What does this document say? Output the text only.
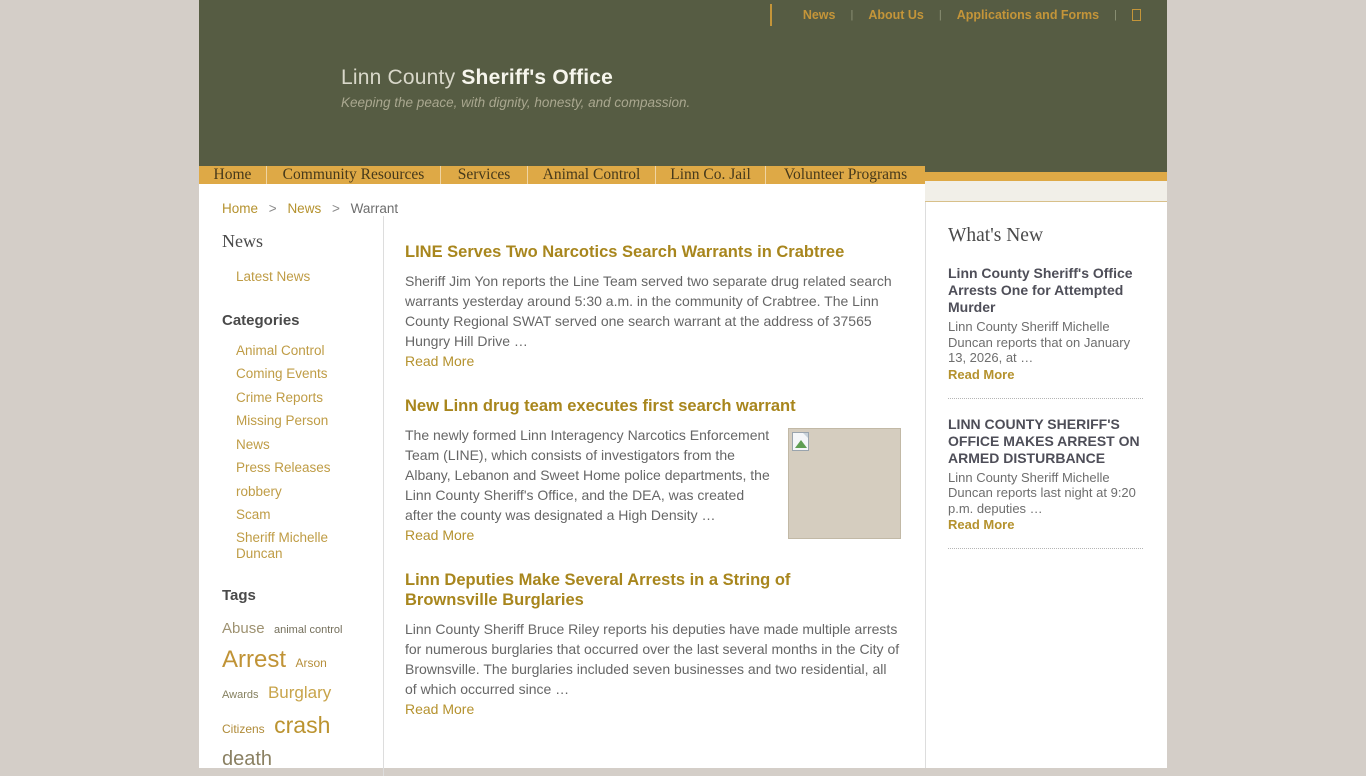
News | About Us | Applications and Forms |
Linn County Sheriff's Office
Keeping the peace, with dignity, honesty, and compassion.
Home	Community Resources	Services	Animal Control	Linn Co. Jail	Volunteer Programs
Home > News > Warrant
News
Latest News
Categories
Animal Control
Coming Events
Crime Reports
Missing Person
News
Press Releases
robbery
Scam
Sheriff Michelle Duncan
Tags
Abuse animal control Arrest Arson Awards Burglary Citizens crash death
LINE Serves Two Narcotics Search Warrants in Crabtree

Sheriff Jim Yon reports the Line Team served two separate drug related search warrants yesterday around 5:30 a.m. in the community of Crabtree. The Linn County Regional SWAT served one search warrant at the address of 37565 Hungry Hill Drive …

Read More
New Linn drug team executes first search warrant

The newly formed Linn Interagency Narcotics Enforcement Team (LINE), which consists of investigators from the Albany, Lebanon and Sweet Home police departments, the Linn County Sheriff's Office, and the DEA, was created after the county was designated a High Density …

Read More
Linn Deputies Make Several Arrests in a String of Brownsville Burglaries

Linn County Sheriff Bruce Riley reports his deputies have made multiple arrests for numerous burglaries that occurred over the last several months in the City of Brownsville. The burglaries included seven businesses and two residential, all of which occurred since …

Read More
What's New
Linn County Sheriff's Office Arrests One for Attempted Murder
Linn County Sheriff Michelle Duncan reports that on January 13, 2026, at …
Read More
LINN COUNTY SHERIFF'S OFFICE MAKES ARREST ON ARMED DISTURBANCE
Linn County Sheriff Michelle Duncan reports last night at 9:20 p.m. deputies …
Read More
